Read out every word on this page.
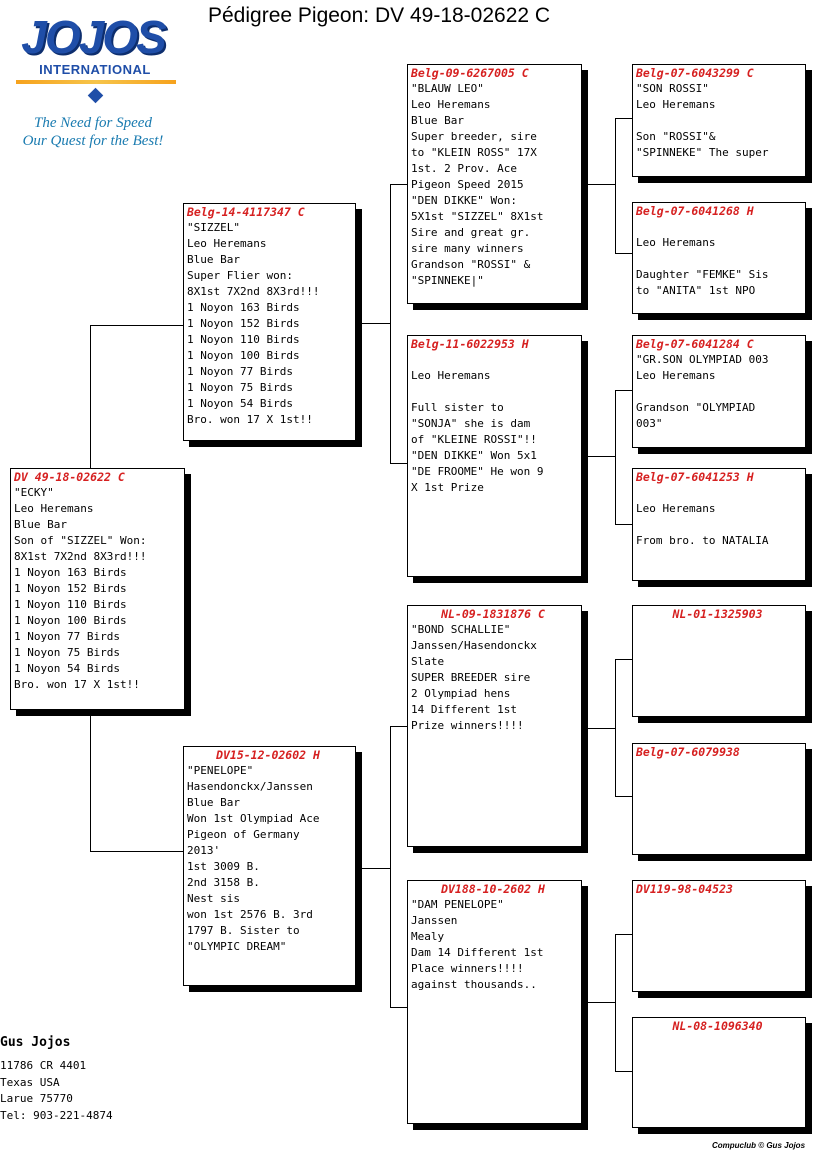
Pédigree Pigeon: DV 49-18-02622 C
JOJOS
INTERNATIONAL
The Need for Speed
Our Quest for the Best!
DV 49-18-02622 C
"ECKY"
Leo Heremans
Blue Bar
Son of "SIZZEL" Won:
8X1st 7X2nd 8X3rd!!!
1 Noyon 163 Birds
1 Noyon 152 Birds
1 Noyon 110 Birds
1 Noyon 100 Birds
1 Noyon 77 Birds
1 Noyon 75 Birds
1 Noyon 54 Birds
Bro. won 17 X 1st!!
Belg-14-4117347 C
"SIZZEL"
Leo Heremans
Blue Bar
Super Flier won:
8X1st 7X2nd 8X3rd!!!
1 Noyon 163 Birds
1 Noyon 152 Birds
1 Noyon 110 Birds
1 Noyon 100 Birds
1 Noyon 77 Birds
1 Noyon 75 Birds
1 Noyon 54 Birds
Bro. won 17 X 1st!!
DV15-12-02602 H
"PENELOPE"
Hasendonckx/Janssen
Blue Bar
Won 1st Olympiad Ace
Pigeon of Germany
2013'
1st 3009 B.
2nd 3158 B.
Nest sis
won 1st 2576 B. 3rd
1797 B. Sister to
"OLYMPIC DREAM"
Belg-09-6267005 C
"BLAUW LEO"
Leo Heremans
Blue Bar
Super breeder, sire
to "KLEIN ROSS" 17X
1st. 2 Prov. Ace
Pigeon Speed 2015
"DEN DIKKE" Won:
5X1st "SIZZEL" 8X1st
Sire and great gr.
sire many winners
Grandson "ROSSI" &
"SPINNEKE|"
Belg-11-6022953 H
Leo Heremans
Full sister to
"SONJA" she is dam
of "KLEINE ROSSI"!!
"DEN DIKKE" Won 5x1
"DE FROOME" He won 9
X 1st Prize
NL-09-1831876 C
"BOND SCHALLIE"
Janssen/Hasendonckx
Slate
SUPER BREEDER sire
2 Olympiad hens
14 Different 1st
Prize winners!!!!
DV188-10-2602 H
"DAM PENELOPE"
Janssen
Mealy
Dam 14 Different 1st
Place winners!!!!
against thousands..
Belg-07-6043299 C
"SON ROSSI"
Leo Heremans
Son "ROSSI"&
"SPINNEKE" The super
Belg-07-6041268 H
Leo Heremans
Daughter "FEMKE" Sis
to "ANITA" 1st NPO
Belg-07-6041284 C
"GR.SON OLYMPIAD 003
Leo Heremans
Grandson "OLYMPIAD
003"
Belg-07-6041253 H
Leo Heremans
From bro. to NATALIA
NL-01-1325903
Belg-07-6079938
DV119-98-04523
NL-08-1096340
Gus Jojos
11786 CR 4401
Texas USA
Larue 75770
Tel: 903-221-4874
Compuclub © Gus Jojos
